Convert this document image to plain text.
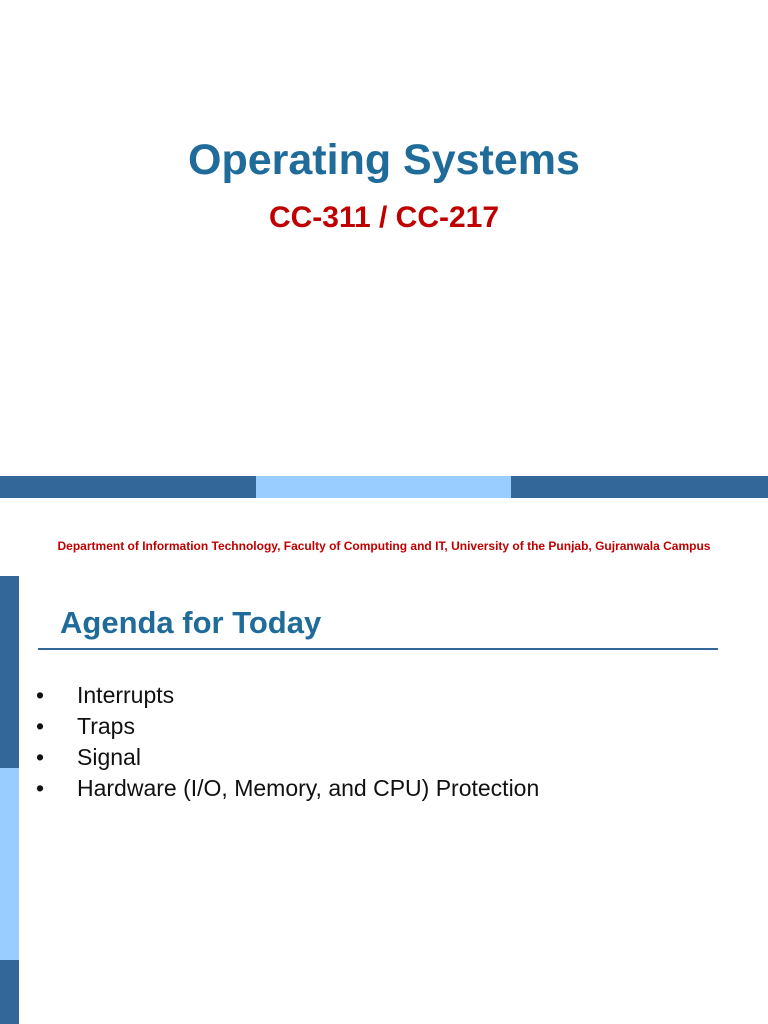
Operating Systems
CC-311 / CC-217
Department of Information Technology, Faculty of Computing and IT, University of the Punjab, Gujranwala Campus
Agenda for Today
•	Interrupts
•	Traps
•	Signal
•	Hardware (I/O, Memory, and CPU) Protection
